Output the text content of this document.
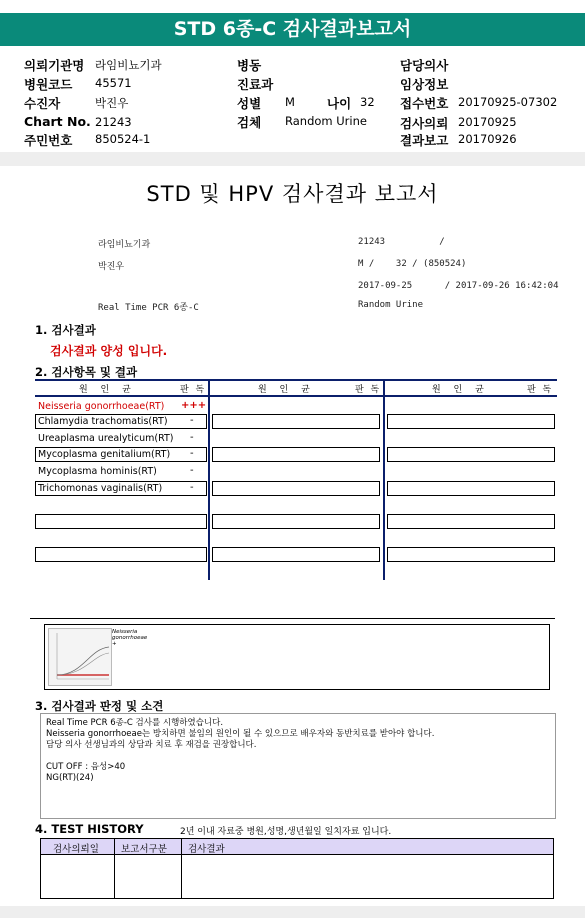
STD 6종-C 검사결과보고서
의뢰기관명 라임비뇨기과
병원코드 45571
수진자	박진우
Chart No. 21243
주민번호 850524-1
병동
진료과
성별 M	나이 32
검체 Random Urine
담당의사
임상정보
접수번호 20170925-07302
검사의뢰 20170925
결과보고 20170926
STD 및 HPV 검사결과 보고서
라임비뇨기과
박진우
Real Time PCR 6종-C
21243          /
M /    32 / (850524)
2017-09-25      / 2017-09-26 16:42:04
Random Urine
1. 검사결과
검사결과 양성 입니다.
2. 검사항목 및 결과
원 인 균	판 독	원 인 균	판 독	원 인 균	판 독
Neisseria gonorrhoeae(RT) +++
Chlamydia trachomatis(RT) -
Ureaplasma urealyticum(RT) -
Mycoplasma genitalium(RT) -
Mycoplasma hominis(RT)	-
Trichomonas vaginalis(RT)	-
Neisseria gonorrhoeae +
3. 검사결과 판정 및 소견
Real Time PCR 6종-C 검사를 시행하였습니다.
Neisseria gonorrhoeae는 방치하면 불임의 원인이 될 수 있으므로 배우자와 동반치료를 받아야 합니다.
담당 의사 선생님과의 상담과 치료 후 재검을 권장합니다.
CUT OFF : 음성>40
NG(RT)(24)
4. TEST HISTORY	2년 이내 자료중 병원,성명,생년월일 일치자료 입니다.
검사의뢰일 보고서구분 검사결과
